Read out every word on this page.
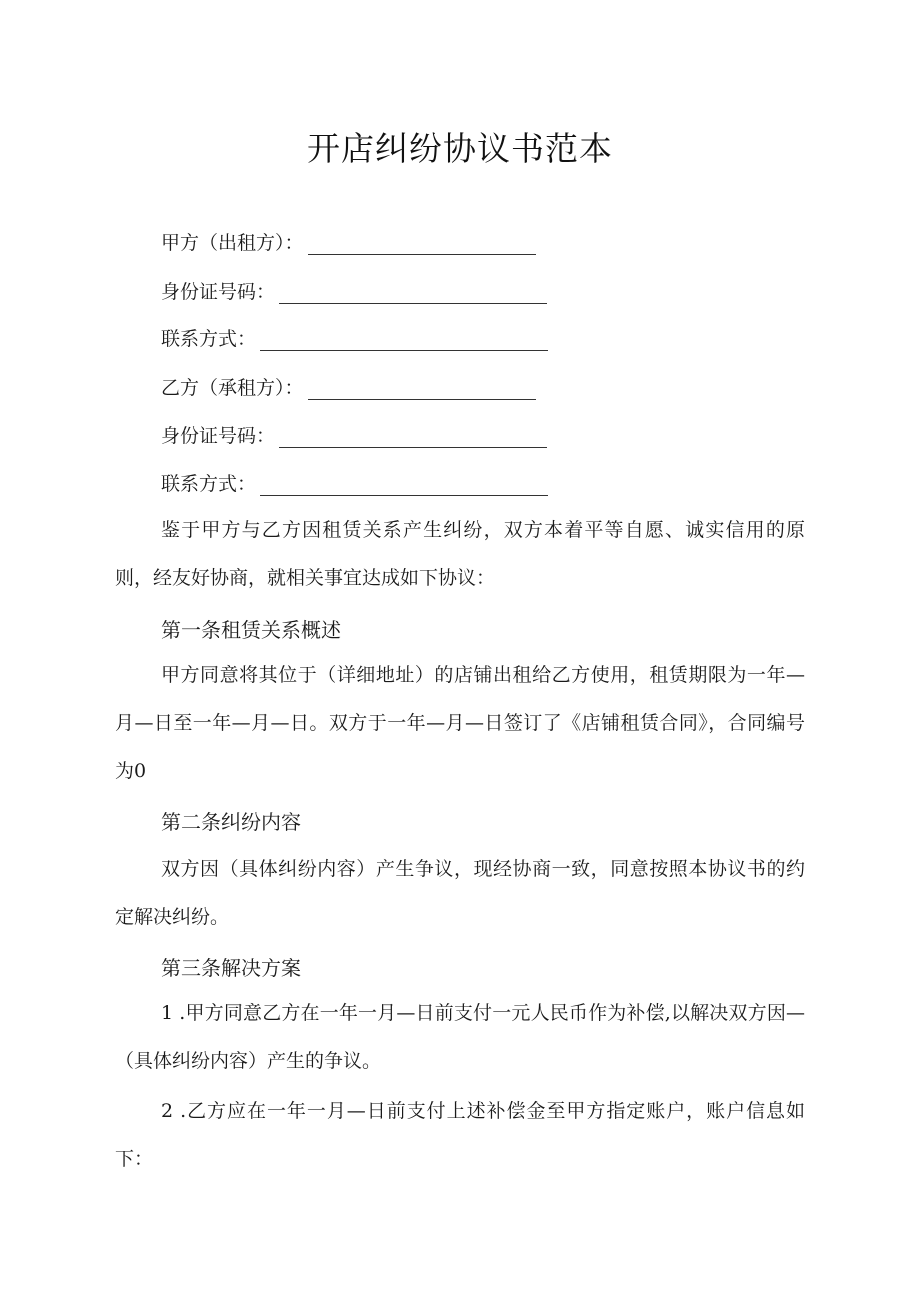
开店纠纷协议书范本
甲方（出租方）：
身份证号码：
联系方式：
乙方（承租方）：
身份证号码：
联系方式：

鉴于甲方与乙方因租赁关系产生纠纷，双方本着平等自愿、诚实信用的原则，经友好协商，就相关事宜达成如下协议：

第一条租赁关系概述

甲方同意将其位于（详细地址）的店铺出租给乙方使用，租赁期限为一年—月—日至一年—月—日。双方于一年—月—日签订了《店铺租赁合同》，合同编号为0

第二条纠纷内容

双方因（具体纠纷内容）产生争议，现经协商一致，同意按照本协议书的约定解决纠纷。

第三条解决方案

1 .甲方同意乙方在一年一月—日前支付一元人民币作为补偿,以解决双方因—（具体纠纷内容）产生的争议。

2 .乙方应在一年一月—日前支付上述补偿金至甲方指定账户，账户信息如下：
